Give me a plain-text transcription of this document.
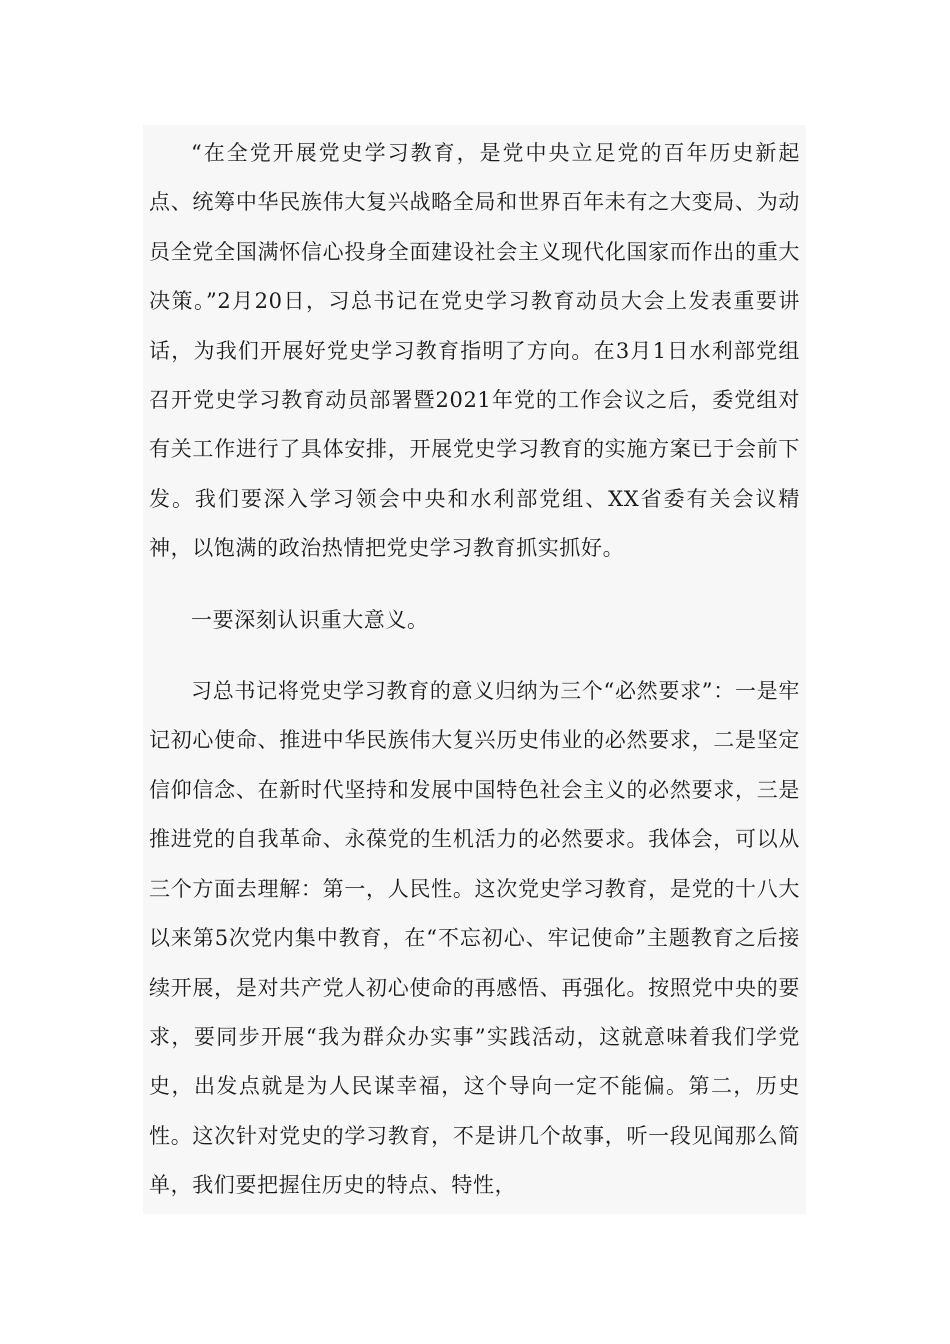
“在全党开展党史学习教育，是党中央立足党的百年历史新起点、统筹中华民族伟大复兴战略全局和世界百年未有之大变局、为动员全党全国满怀信心投身全面建设社会主义现代化国家而作出的重大决策。”2月20日，习总书记在党史学习教育动员大会上发表重要讲话，为我们开展好党史学习教育指明了方向。在3月1日水利部党组召开党史学习教育动员部署暨2021年党的工作会议之后，委党组对有关工作进行了具体安排，开展党史学习教育的实施方案已于会前下发。我们要深入学习领会中央和水利部党组、XX省委有关会议精神，以饱满的政治热情把党史学习教育抓实抓好。

一要深刻认识重大意义。

习总书记将党史学习教育的意义归纳为三个“必然要求”：一是牢记初心使命、推进中华民族伟大复兴历史伟业的必然要求，二是坚定信仰信念、在新时代坚持和发展中国特色社会主义的必然要求，三是推进党的自我革命、永葆党的生机活力的必然要求。我体会，可以从三个方面去理解：第一，人民性。这次党史学习教育，是党的十八大以来第5次党内集中教育，在“不忘初心、牢记使命”主题教育之后接续开展，是对共产党人初心使命的再感悟、再强化。按照党中央的要求，要同步开展“我为群众办实事”实践活动，这就意味着我们学党史，出发点就是为人民谋幸福，这个导向一定不能偏。第二，历史性。这次针对党史的学习教育，不是讲几个故事，听一段见闻那么简单，我们要把握住历史的特点、特性，
